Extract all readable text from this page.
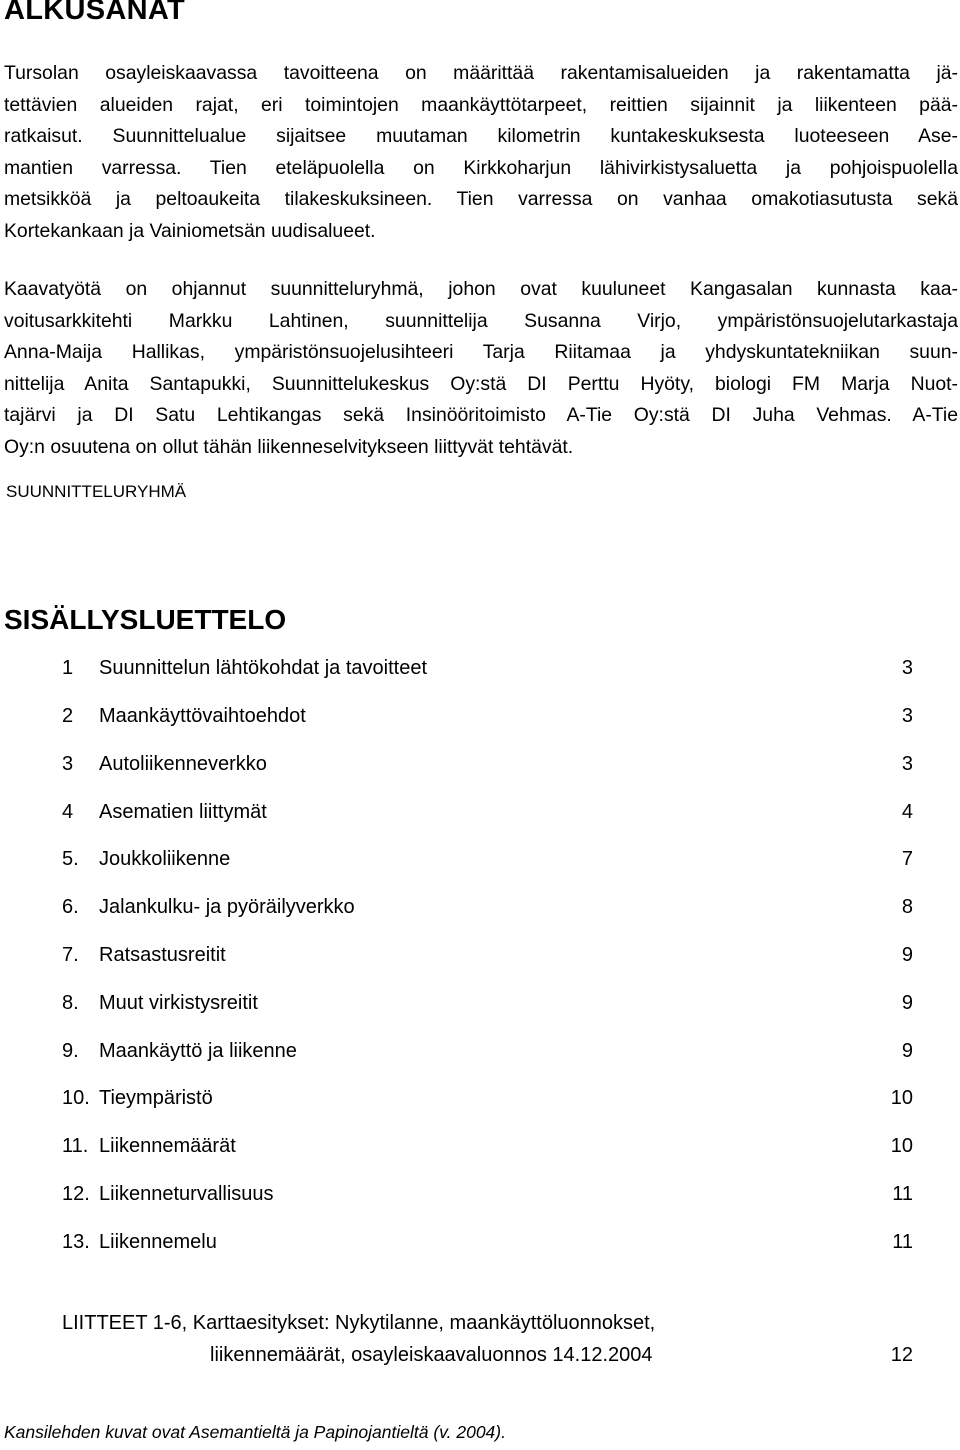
ALKUSANAT
Tursolan osayleiskaavassa tavoitteena on määrittää rakentamisalueiden ja rakentamatta jä-
tettävien alueiden rajat, eri toimintojen maankäyttötarpeet, reittien sijainnit ja liikenteen pää-
ratkaisut. Suunnittelualue sijaitsee muutaman kilometrin kuntakeskuksesta luoteeseen Ase-
mantien varressa. Tien eteläpuolella on Kirkkoharjun lähivirkistysaluetta ja pohjoispuolella
metsikköä ja peltoaukeita tilakeskuksineen. Tien varressa on vanhaa omakotiasutusta sekä
Kortekankaan ja Vainiometsän uudisalueet.
Kaavatyötä on ohjannut suunnitteluryhmä, johon ovat kuuluneet Kangasalan kunnasta kaa-
voitusarkkitehti Markku Lahtinen, suunnittelija Susanna Virjo, ympäristönsuojelutarkastaja
Anna-Maija Hallikas, ympäristönsuojelusihteeri Tarja Riitamaa ja yhdyskuntatekniikan suun-
nittelija Anita Santapukki, Suunnittelukeskus Oy:stä DI Perttu Hyöty, biologi FM Marja Nuot-
tajärvi ja DI Satu Lehtikangas sekä Insinööritoimisto A-Tie Oy:stä DI Juha Vehmas. A-Tie
Oy:n osuutena on ollut tähän liikenneselvitykseen liittyvät tehtävät.
SUUNNITTELURYHMÄ
SISÄLLYSLUETTELO
1 Suunnittelun lähtökohdat ja tavoitteet	3
2 Maankäyttövaihtoehdot	3
3 Autoliikenneverkko	3
4 Asematien liittymät	4
5. Joukkoliikenne	7
6. Jalankulku- ja pyöräilyverkko	8
7. Ratsastusreitit	9
8. Muut virkistysreitit	9
9. Maankäyttö ja liikenne	9
10. Tieympäristö	10
11. Liikennemäärät	10
12. Liikenneturvallisuus	11
13. Liikennemelu	11
LIITTEET 1-6, Karttaesitykset: Nykytilanne, maankäyttöluonnokset,
liikennemäärät, osayleiskaavaluonnos 14.12.2004	12
Kansilehden kuvat ovat Asemantieltä ja Papinojantieltä (v. 2004).
